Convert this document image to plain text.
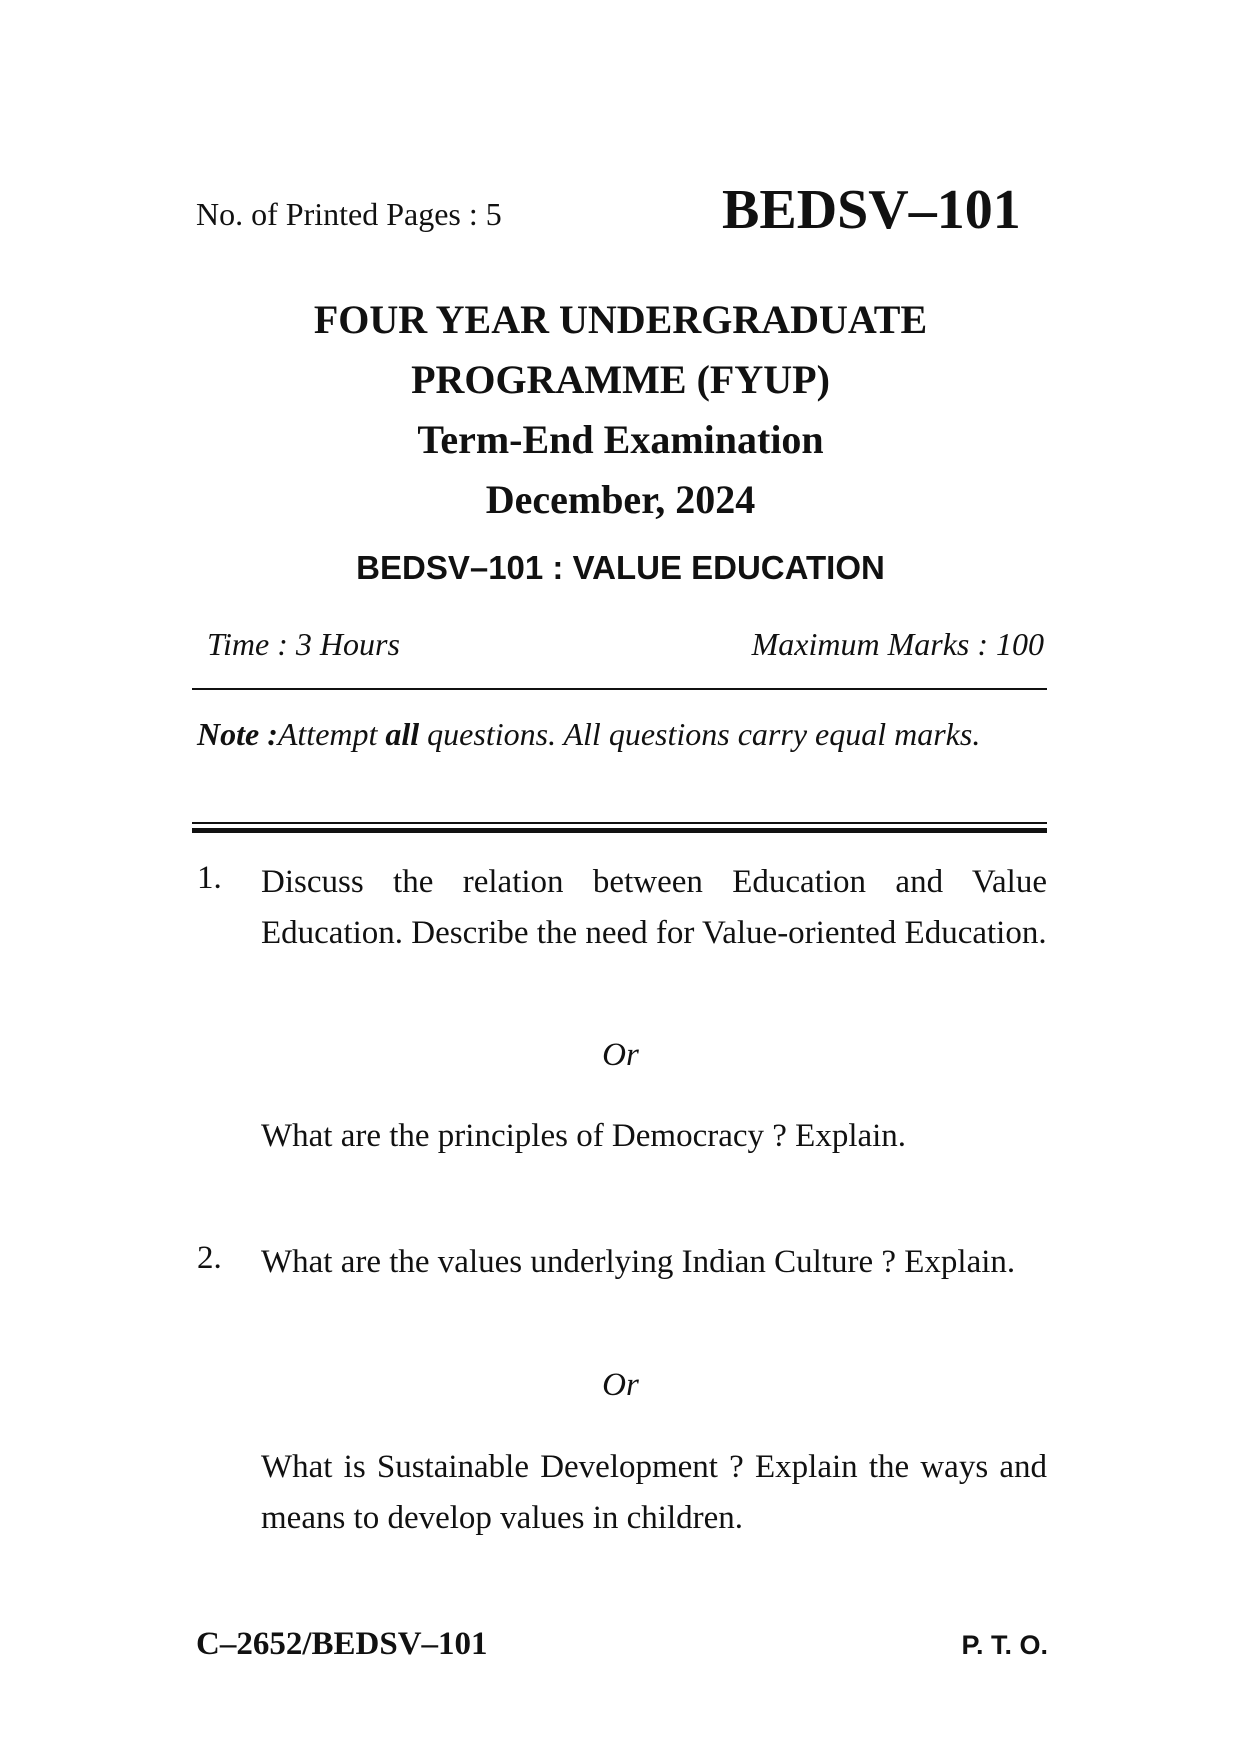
No. of Printed Pages : 5	BEDSV–101
FOUR YEAR UNDERGRADUATE
PROGRAMME (FYUP)
Term-End Examination
December, 2024
BEDSV–101 : VALUE EDUCATION
Time : 3 Hours	Maximum Marks : 100
Note :Attempt all questions. All questions carry equal marks.
1. Discuss the relation between Education and Value Education. Describe the need for Value-oriented Education.
Or
What are the principles of Democracy ? Explain.
2. What are the values underlying Indian Culture ? Explain.
Or
What is Sustainable Development ? Explain the ways and means to develop values in children.
C–2652/BEDSV–101	P. T. O.
